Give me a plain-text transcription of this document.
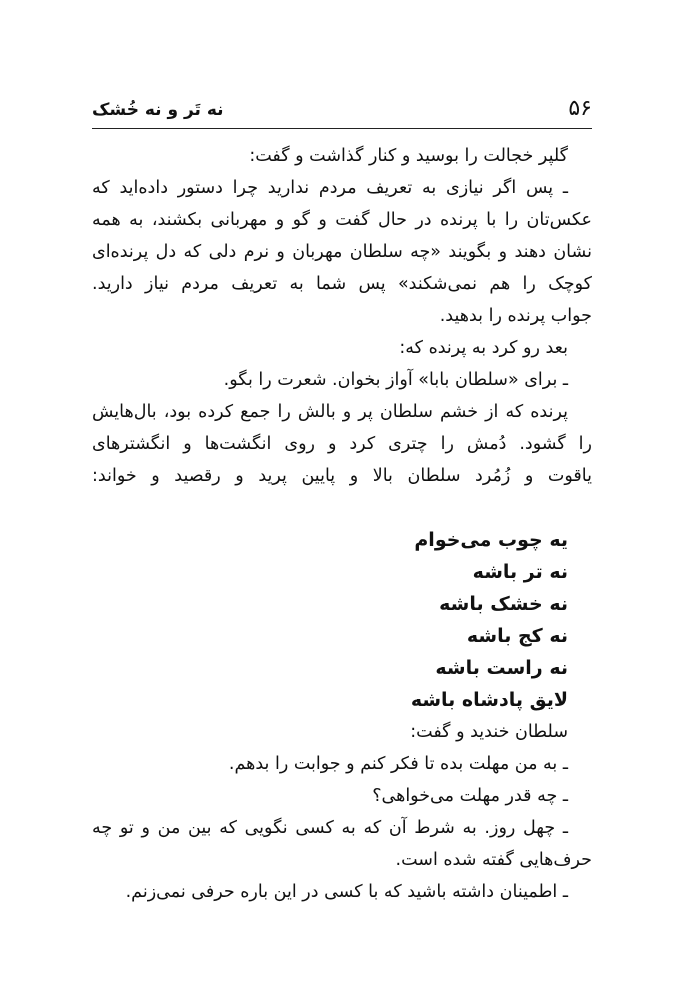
۵۶
نه تَر و نه خُشک
گلپر خجالت را بوسید و کنار گذاشت و گفت:
ـ پس اگر نیازی به تعریف مردم ندارید چرا دستور داده‌اید که
عکس‌تان را با پرنده در حال گفت و گو و مهربانی بکشند، به همه
نشان دهند و بگویند «چه سلطان مهربان و نرم دلی که دل پرنده‌ای
کوچک را هم نمی‌شکند» پس شما به تعریف مردم نیاز دارید.
جواب پرنده را بدهید.
بعد رو کرد به پرنده که:
ـ برای «سلطان بابا» آواز بخوان. شعرت را بگو.
پرنده که از خشم سلطان پر و بالش را جمع کرده بود، بال‌هایش
را گشود. دُمش را چتری کرد و روی انگشت‌ها و انگشترهای
یاقوت و زُمُرد سلطان بالا و پایین پرید و رقصید و خواند:
یه چوب می‌خوام
نه تر باشه
نه خشک باشه
نه کج باشه
نه راست باشه
لایق پادشاه باشه
سلطان خندید و گفت:
ـ به من مهلت بده تا فکر کنم و جوابت را بدهم.
ـ چه قدر مهلت می‌خواهی؟
ـ چهل روز. به شرط آن که به کسی نگویی که بین من و تو چه
حرف‌هایی گفته شده است.
ـ اطمینان داشته باشید که با کسی در این باره حرفی نمی‌زنم.
